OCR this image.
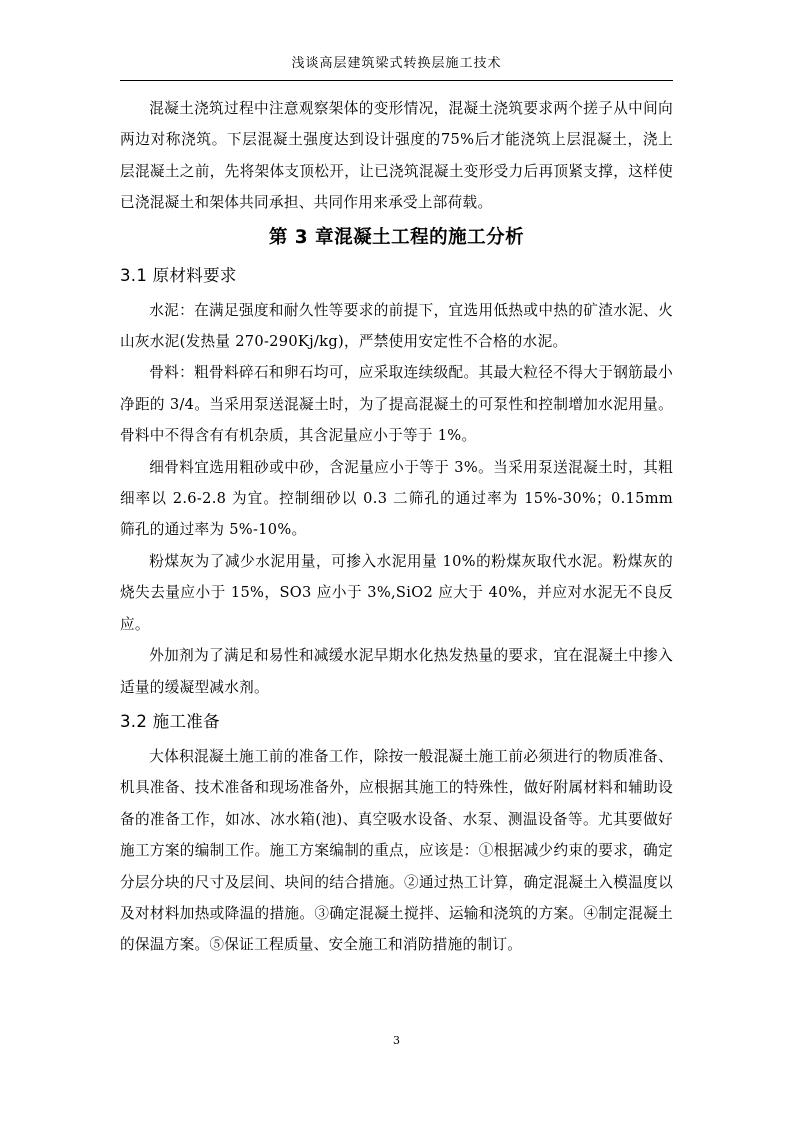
浅谈高层建筑梁式转换层施工技术

混凝土浇筑过程中注意观察架体的变形情况，混凝土浇筑要求两个搓子从中间向两边对称浇筑。下层混凝土强度达到设计强度的75%后才能浇筑上层混凝土，浇上层混凝土之前，先将架体支顶松开，让已浇筑混凝土变形受力后再顶紧支撑，这样使已浇混凝土和架体共同承担、共同作用来承受上部荷载。

第 3 章混凝土工程的施工分析
3.1 原材料要求

水泥：在满足强度和耐久性等要求的前提下，宜选用低热或中热的矿渣水泥、火山灰水泥(发热量 270-290Kj/kg)，严禁使用安定性不合格的水泥。

骨料：粗骨料碎石和卵石均可，应采取连续级配。其最大粒径不得大于钢筋最小净距的 3/4。当采用泵送混凝土时，为了提高混凝土的可泵性和控制增加水泥用量。骨料中不得含有有机杂质，其含泥量应小于等于 1%。

细骨料宜选用粗砂或中砂，含泥量应小于等于 3%。当采用泵送混凝土时，其粗细率以 2.6-2.8 为宜。控制细砂以 0.3 二筛孔的通过率为 15%-30%；0.15mm 筛孔的通过率为 5%-10%。

粉煤灰为了减少水泥用量，可掺入水泥用量 10%的粉煤灰取代水泥。粉煤灰的烧失去量应小于 15%，SO3 应小于 3%,SiO2 应大于 40%，并应对水泥无不良反应。

外加剂为了满足和易性和减缓水泥早期水化热发热量的要求，宜在混凝土中掺入适量的缓凝型减水剂。

3.2 施工准备

大体积混凝土施工前的准备工作，除按一般混凝土施工前必须进行的物质准备、机具准备、技术准备和现场准备外，应根据其施工的特殊性，做好附属材料和辅助设备的准备工作，如冰、冰水箱(池)、真空吸水设备、水泵、测温设备等。尤其要做好施工方案的编制工作。施工方案编制的重点，应该是：①根据减少约束的要求，确定分层分块的尺寸及层间、块间的结合措施。②通过热工计算，确定混凝土入模温度以及对材料加热或降温的措施。③确定混凝土搅拌、运输和浇筑的方案。④制定混凝土的保温方案。⑤保证工程质量、安全施工和消防措施的制订。

3
